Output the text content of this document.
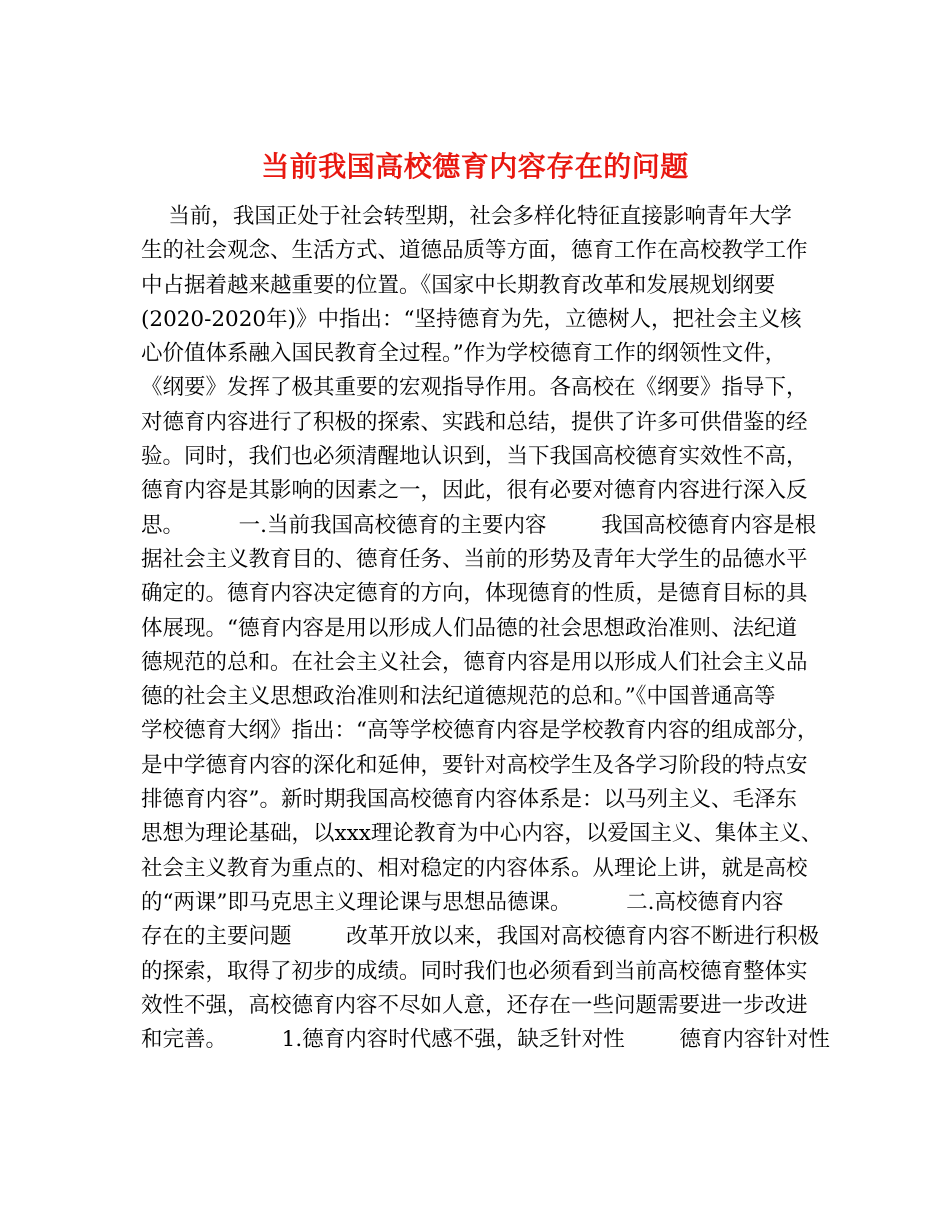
当前我国高校德育内容存在的问题
当前，我国正处于社会转型期，社会多样化特征直接影响青年大学
生的社会观念、生活方式、道德品质等方面，德育工作在高校教学工作
中占据着越来越重要的位置。《国家中长期教育改革和发展规划纲要
(2020-2020年)》中指出：“坚持德育为先，立德树人，把社会主义核
心价值体系融入国民教育全过程。”作为学校德育工作的纲领性文件，
《纲要》发挥了极其重要的宏观指导作用。各高校在《纲要》指导下，
对德育内容进行了积极的探索、实践和总结，提供了许多可供借鉴的经
验。同时，我们也必须清醒地认识到，当下我国高校德育实效性不高，
德育内容是其影响的因素之一，因此，很有必要对德育内容进行深入反
思。        一.当前我国高校德育的主要内容        我国高校德育内容是根
据社会主义教育目的、德育任务、当前的形势及青年大学生的品德水平
确定的。德育内容决定德育的方向，体现德育的性质，是德育目标的具
体展现。“德育内容是用以形成人们品德的社会思想政治准则、法纪道
德规范的总和。在社会主义社会，德育内容是用以形成人们社会主义品
德的社会主义思想政治准则和法纪道德规范的总和。”《中国普通高等
学校德育大纲》指出：“高等学校德育内容是学校教育内容的组成部分，
是中学德育内容的深化和延伸，要针对高校学生及各学习阶段的特点安
排德育内容”。新时期我国高校德育内容体系是：以马列主义、毛泽东
思想为理论基础，以xxx理论教育为中心内容，以爱国主义、集体主义、
社会主义教育为重点的、相对稳定的内容体系。从理论上讲，就是高校
的“两课”即马克思主义理论课与思想品德课。        二.高校德育内容
存在的主要问题        改革开放以来，我国对高校德育内容不断进行积极
的探索，取得了初步的成绩。同时我们也必须看到当前高校德育整体实
效性不强，高校德育内容不尽如人意，还存在一些问题需要进一步改进
和完善。        1.德育内容时代感不强，缺乏针对性        德育内容针对性
